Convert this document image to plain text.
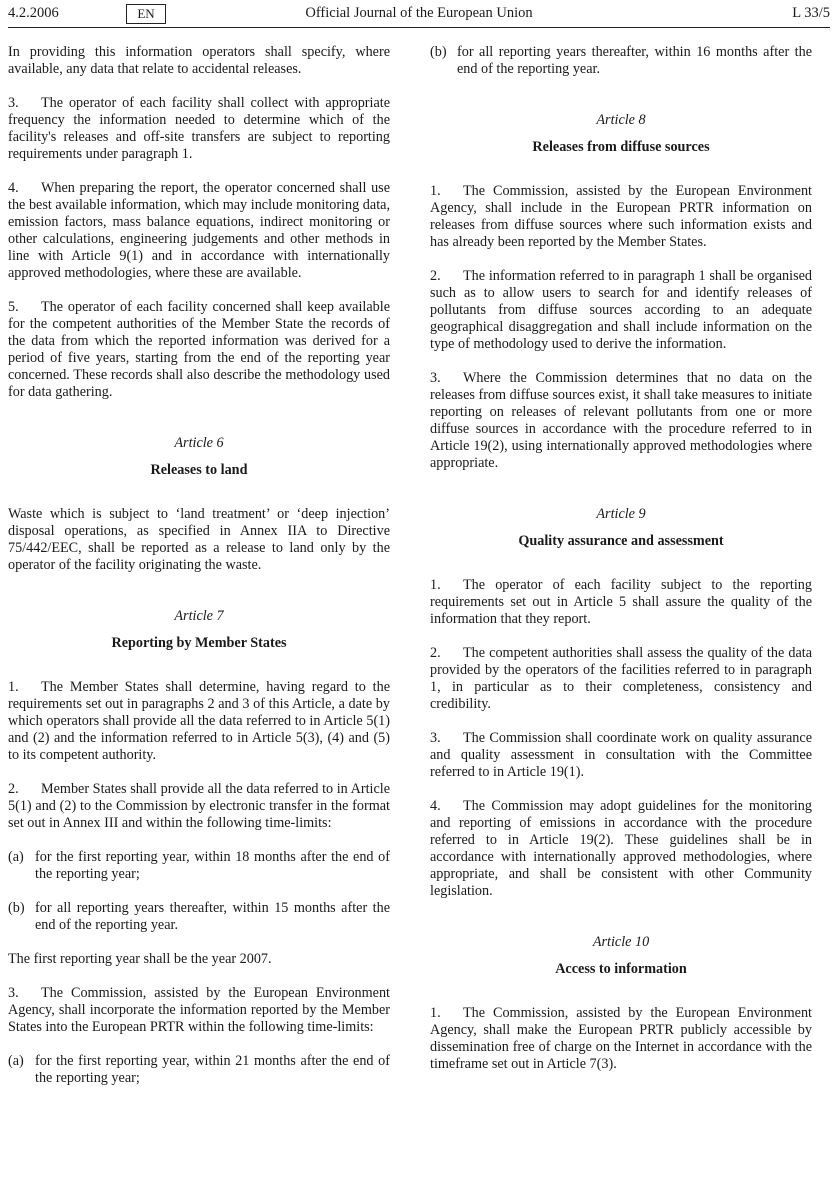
4.2.2006	EN	Official Journal of the European Union	L 33/5

In providing this information operators shall specify, where available, any data that relate to accidental releases.

3. The operator of each facility shall collect with appropriate frequency the information needed to determine which of the facility's releases and off-site transfers are subject to reporting requirements under paragraph 1.

4. When preparing the report, the operator concerned shall use the best available information, which may include monitoring data, emission factors, mass balance equations, indirect monitoring or other calculations, engineering judgements and other methods in line with Article 9(1) and in accordance with internationally approved methodologies, where these are available.

5. The operator of each facility concerned shall keep available for the competent authorities of the Member State the records of the data from which the reported information was derived for a period of five years, starting from the end of the reporting year concerned. These records shall also describe the methodology used for data gathering.

Article 6
Releases to land

Waste which is subject to ‘land treatment’ or ‘deep injection’ disposal operations, as specified in Annex IIA to Directive 75/442/EEC, shall be reported as a release to land only by the operator of the facility originating the waste.

Article 7
Reporting by Member States

1. The Member States shall determine, having regard to the requirements set out in paragraphs 2 and 3 of this Article, a date by which operators shall provide all the data referred to in Article 5(1) and (2) and the information referred to in Article 5(3), (4) and (5) to its competent authority.

2. Member States shall provide all the data referred to in Article 5(1) and (2) to the Commission by electronic transfer in the format set out in Annex III and within the following time-limits:

(a) for the first reporting year, within 18 months after the end of the reporting year;

(b) for all reporting years thereafter, within 15 months after the end of the reporting year.

The first reporting year shall be the year 2007.

3. The Commission, assisted by the European Environment Agency, shall incorporate the information reported by the Member States into the European PRTR within the following time-limits:

(a) for the first reporting year, within 21 months after the end of the reporting year;

(b) for all reporting years thereafter, within 16 months after the end of the reporting year.

Article 8
Releases from diffuse sources

1. The Commission, assisted by the European Environment Agency, shall include in the European PRTR information on releases from diffuse sources where such information exists and has already been reported by the Member States.

2. The information referred to in paragraph 1 shall be organised such as to allow users to search for and identify releases of pollutants from diffuse sources according to an adequate geographical disaggregation and shall include information on the type of methodology used to derive the information.

3. Where the Commission determines that no data on the releases from diffuse sources exist, it shall take measures to initiate reporting on releases of relevant pollutants from one or more diffuse sources in accordance with the procedure referred to in Article 19(2), using internationally approved methodologies where appropriate.

Article 9
Quality assurance and assessment

1. The operator of each facility subject to the reporting requirements set out in Article 5 shall assure the quality of the information that they report.

2. The competent authorities shall assess the quality of the data provided by the operators of the facilities referred to in paragraph 1, in particular as to their completeness, consistency and credibility.

3. The Commission shall coordinate work on quality assurance and quality assessment in consultation with the Committee referred to in Article 19(1).

4. The Commission may adopt guidelines for the monitoring and reporting of emissions in accordance with the procedure referred to in Article 19(2). These guidelines shall be in accordance with internationally approved methodologies, where appropriate, and shall be consistent with other Community legislation.

Article 10
Access to information

1. The Commission, assisted by the European Environment Agency, shall make the European PRTR publicly accessible by dissemination free of charge on the Internet in accordance with the timeframe set out in Article 7(3).
